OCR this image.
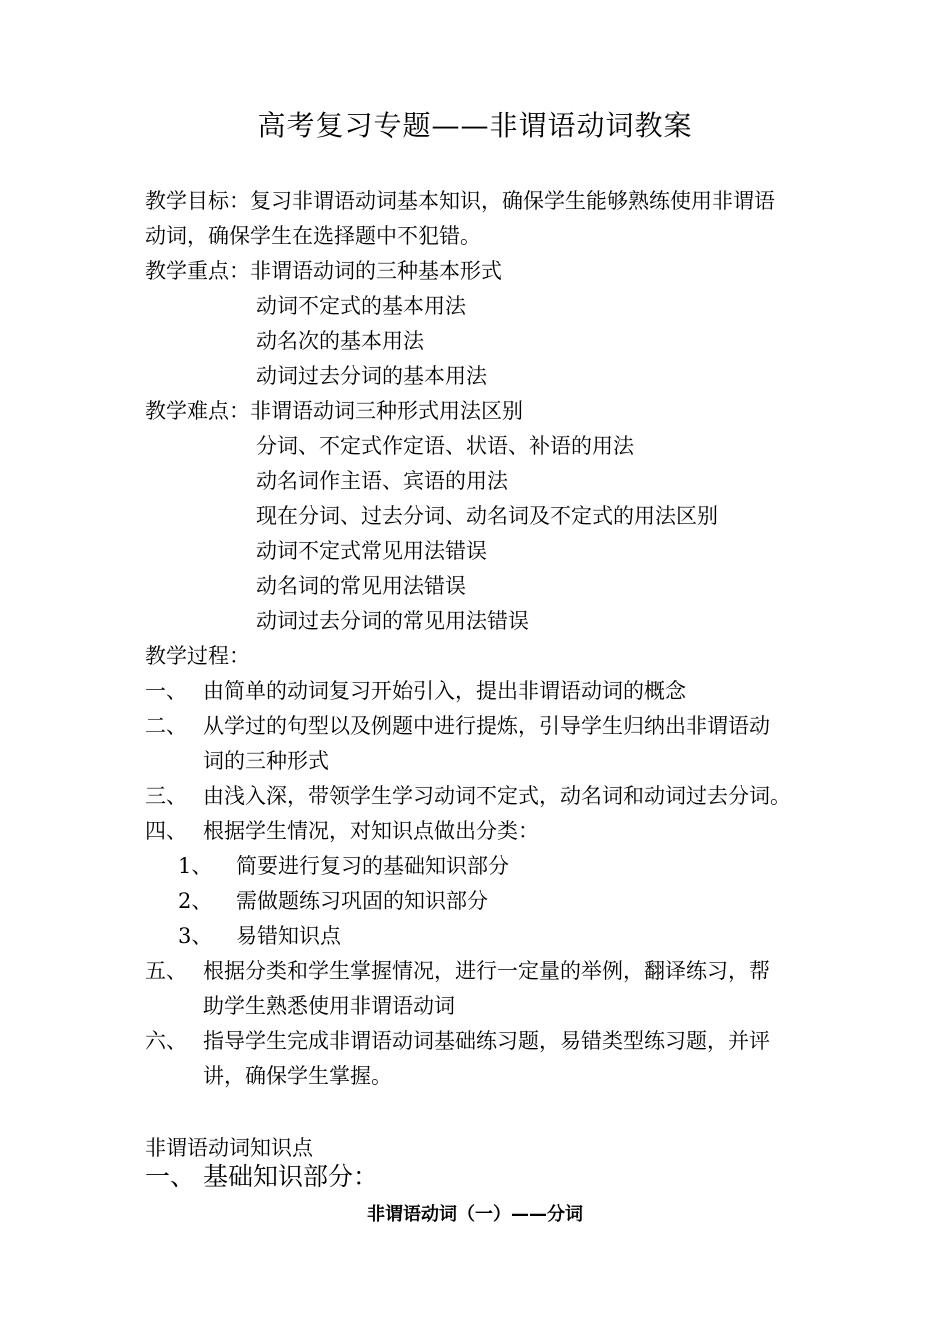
高考复习专题——非谓语动词教案
教学目标：复习非谓语动词基本知识，确保学生能够熟练使用非谓语
动词，确保学生在选择题中不犯错。
教学重点：非谓语动词的三种基本形式
动词不定式的基本用法
动名次的基本用法
动词过去分词的基本用法
教学难点：非谓语动词三种形式用法区别
分词、不定式作定语、状语、补语的用法
动名词作主语、宾语的用法
现在分词、过去分词、动名词及不定式的用法区别
动词不定式常见用法错误
动名词的常见用法错误
动词过去分词的常见用法错误
教学过程：
一、 由简单的动词复习开始引入，提出非谓语动词的概念
二、 从学过的句型以及例题中进行提炼，引导学生归纳出非谓语动
词的三种形式
三、 由浅入深，带领学生学习动词不定式，动名词和动词过去分词。
四、 根据学生情况，对知识点做出分类：
1、 简要进行复习的基础知识部分
2、 需做题练习巩固的知识部分
3、 易错知识点
五、 根据分类和学生掌握情况，进行一定量的举例，翻译练习，帮
助学生熟悉使用非谓语动词
六、 指导学生完成非谓语动词基础练习题，易错类型练习题，并评
讲，确保学生掌握。
非谓语动词知识点
一、 基础知识部分：
非谓语动词（一）——分词
